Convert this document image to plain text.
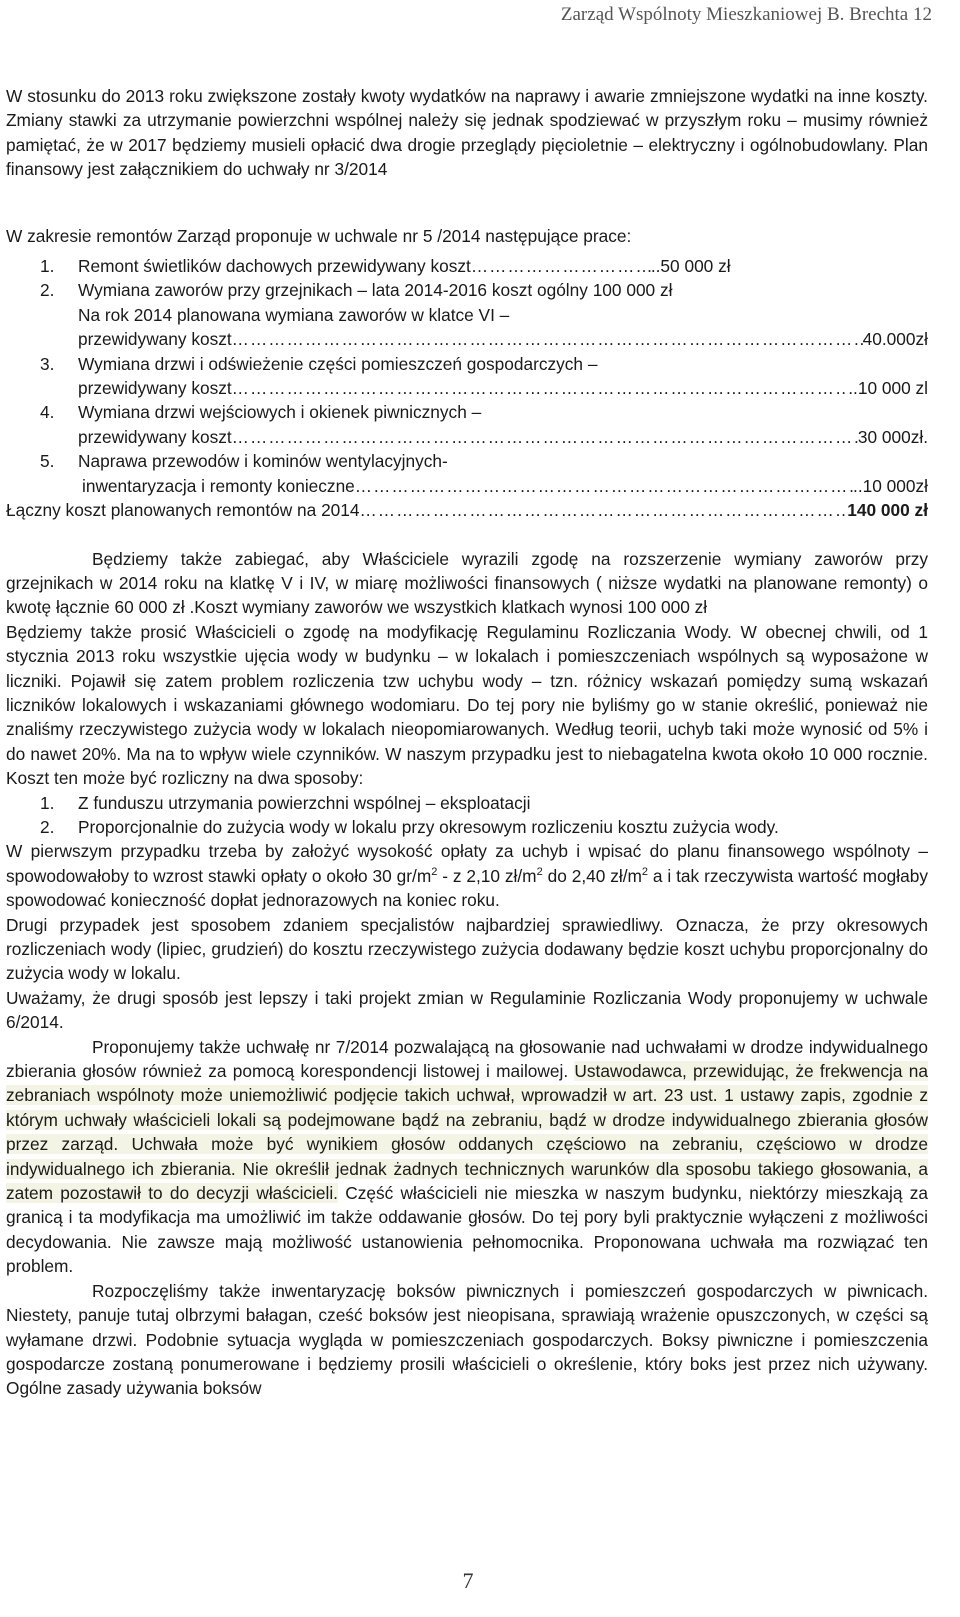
Zarząd Wspólnoty Mieszkaniowej B. Brechta 12

W stosunku do 2013 roku zwiększone zostały kwoty wydatków na naprawy i awarie zmniejszone wydatki na inne koszty. Zmiany stawki za utrzymanie powierzchni wspólnej należy się jednak spodziewać w przyszłym roku – musimy również pamiętać, że w 2017 będziemy musieli opłacić dwa drogie przeglądy pięcioletnie – elektryczny i ogólnobudowlany. Plan finansowy jest załącznikiem do uchwały nr 3/2014

W zakresie remontów Zarząd proponuje w uchwale nr 5 /2014 następujące prace:

1. Remont świetlików dachowych przewidywany koszt ……………………………………………………………………………………………………………………………………………	..50 000 zł
2. Wymiana zaworów przy grzejnikach – lata 2014-2016 koszt ogólny 100 000 zł
Na rok 2014 planowana wymiana zaworów w klatce VI –
przewidywany koszt ……………………………………………………………………………………………………………………………………………	40.000zł
3. Wymiana drzwi i odświeżenie części pomieszczeń gospodarczych –
przewidywany koszt ……………………………………………………………………………………………………………………………………………	..10 000 zl
4. Wymiana drzwi wejściowych i okienek piwnicznych –
przewidywany koszt ……………………………………………………………………………………………………………………………………………	30 000zł.
5. Naprawa przewodów i kominów wentylacyjnych-
inwentaryzacja i remonty konieczne ……………………………………………………………………………………………………………………………………………	..10 000zł
Łączny koszt planowanych remontów na 2014 ……………………………………………………………………………………………………………………………………………	140 000 zł

Będziemy także zabiegać, aby Właściciele wyrazili zgodę na rozszerzenie wymiany zaworów przy grzejnikach w 2014 roku na klatkę V i IV, w miarę możliwości finansowych ( niższe wydatki na planowane remonty) o kwotę łącznie 60 000 zł .Koszt wymiany zaworów we wszystkich klatkach wynosi 100 000 zł

Będziemy także prosić Właścicieli o zgodę na modyfikację Regulaminu Rozliczania Wody. W obecnej chwili, od 1 stycznia 2013 roku wszystkie ujęcia wody w budynku – w lokalach i pomieszczeniach wspólnych są wyposażone w liczniki. Pojawił się zatem problem rozliczenia tzw uchybu wody – tzn. różnicy wskazań pomiędzy sumą wskazań liczników lokalowych i wskazaniami głównego wodomiaru. Do tej pory nie byliśmy go w stanie określić, ponieważ nie znaliśmy rzeczywistego zużycia wody w lokalach nieopomiarowanych. Według teorii, uchyb taki może wynosić od 5% i do nawet 20%. Ma na to wpływ wiele czynników. W naszym przypadku jest to niebagatelna kwota około 10 000 rocznie. Koszt ten może być rozliczny na dwa sposoby:

1. Z funduszu utrzymania powierzchni wspólnej – eksploatacji
2. Proporcjonalnie do zużycia wody w lokalu przy okresowym rozliczeniu kosztu zużycia wody.

W pierwszym przypadku trzeba by założyć wysokość opłaty za uchyb i wpisać do planu finansowego wspólnoty – spowodowałoby to wzrost stawki opłaty o około 30 $gr/m^2$ - z 2,10 $zł/m^2$ do 2,40 $zł/m^2$ a i tak rzeczywista wartość mogłaby spowodować konieczność dopłat jednorazowych na koniec roku.

Drugi przypadek jest sposobem zdaniem specjalistów najbardziej sprawiedliwy. Oznacza, że przy okresowych rozliczeniach wody (lipiec, grudzień) do kosztu rzeczywistego zużycia dodawany będzie koszt uchybu proporcjonalny do zużycia wody w lokalu.

Uważamy, że drugi sposób jest lepszy i taki projekt zmian w Regulaminie Rozliczania Wody proponujemy w uchwale 6/2014.

Proponujemy także uchwałę nr 7/2014 pozwalającą na głosowanie nad uchwałami w drodze indywidualnego zbierania głosów również za pomocą korespondencji listowej i mailowej. Ustawodawca, przewidując, że frekwencja na zebraniach wspólnoty może uniemożliwić podjęcie takich uchwał, wprowadził w art. 23 ust. 1 ustawy zapis, zgodnie z którym uchwały właścicieli lokali są podejmowane bądź na zebraniu, bądź w drodze indywidualnego zbierania głosów przez zarząd. Uchwała może być wynikiem głosów oddanych częściowo na zebraniu, częściowo w drodze indywidualnego ich zbierania. Nie określił jednak żadnych technicznych warunków dla sposobu takiego głosowania, a zatem pozostawił to do decyzji właścicieli. Część właścicieli nie mieszka w naszym budynku, niektórzy mieszkają za granicą i ta modyfikacja ma umożliwić im także oddawanie głosów. Do tej pory byli praktycznie wyłączeni z możliwości decydowania. Nie zawsze mają możliwość ustanowienia pełnomocnika. Proponowana uchwała ma rozwiązać ten problem.

Rozpoczęliśmy także inwentaryzację boksów piwnicznych i pomieszczeń gospodarczych w piwnicach. Niestety, panuje tutaj olbrzymi bałagan, cześć boksów jest nieopisana, sprawiają wrażenie opuszczonych, w części są wyłamane drzwi. Podobnie sytuacja wygląda w pomieszczeniach gospodarczych. Boksy piwniczne i pomieszczenia gospodarcze zostaną ponumerowane i będziemy prosili właścicieli o określenie, który boks jest przez nich używany. Ogólne zasady używania boksów

7
